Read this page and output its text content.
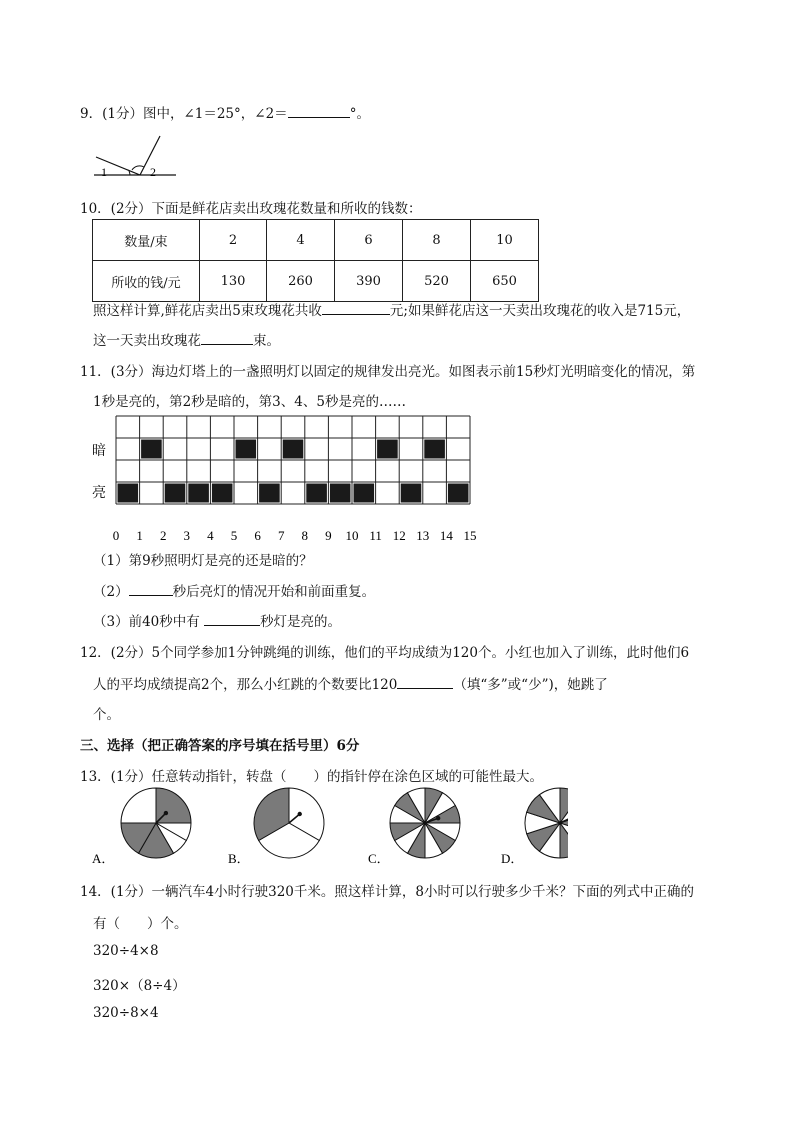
9．(1分）图中，∠1＝25°，∠2＝	°。
1	2
10．(2分）下面是鲜花店卖出玫瑰花数量和所收的钱数：
数量/束	2	4	6	8	10
所收的钱/元	130	260	390	520	650
照这样计算,鲜花店卖出5束玫瑰花共收	元;如果鲜花店这一天卖出玫瑰花的收入是715元，
这一天卖出玫瑰花	束。
11．(3分）海边灯塔上的一盏照明灯以固定的规律发出亮光。如图表示前15秒灯光明暗变化的情况，第
1秒是亮的，第2秒是暗的，第3、4、5秒是亮的……
暗
亮
0 1 2 3 4 5 6 7 8 9 10 11 12 13 14 15
（1）第9秒照明灯是亮的还是暗的？
（2）	秒后亮灯的情况开始和前面重复。
（3）前40秒中有	秒灯是亮的。
12．(2分）5个同学参加1分钟跳绳的训练，他们的平均成绩为120个。小红也加入了训练，此时他们6
人的平均成绩提高2个，那么小红跳的个数要比120	（填“多”或“少”)，她跳了
个。
三、选择（把正确答案的序号填在括号里）6分
13．(1分）任意转动指针，转盘（　　）的指针停在涂色区域的可能性最大。
A．	B．	C．	D．
14．(1分）一辆汽车4小时行驶320千米。照这样计算，8小时可以行驶多少千米？下面的列式中正确的
有（　　）个。
320÷4×8
320×（8÷4）
320÷8×4
